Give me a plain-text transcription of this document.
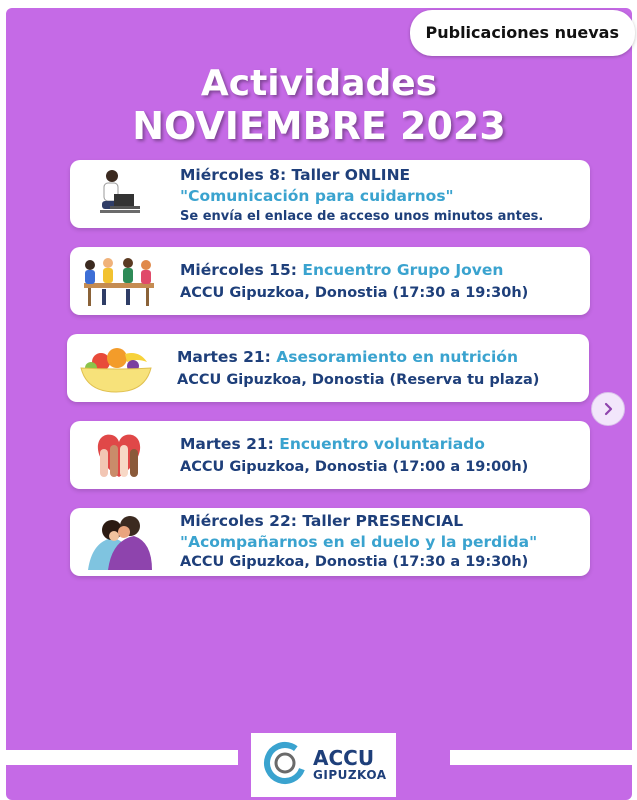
Actividades
NOVIEMBRE 2023
Miércoles 8: Taller ONLINE
"Comunicación para cuidarnos"
Se envía el enlace de acceso unos minutos antes.
Miércoles 15: Encuentro Grupo Joven
ACCU Gipuzkoa, Donostia (17:30 a 19:30h)
Martes 21: Asesoramiento en nutrición
ACCU Gipuzkoa, Donostia (Reserva tu plaza)
Martes 21: Encuentro voluntariado
ACCU Gipuzkoa, Donostia (17:00 a 19:00h)
Miércoles 22: Taller PRESENCIAL
"Acompañarnos en el duelo y la perdida"
ACCU Gipuzkoa, Donostia (17:30 a 19:30h)
ACCU
GIPUZKOA
Publicaciones nuevas
